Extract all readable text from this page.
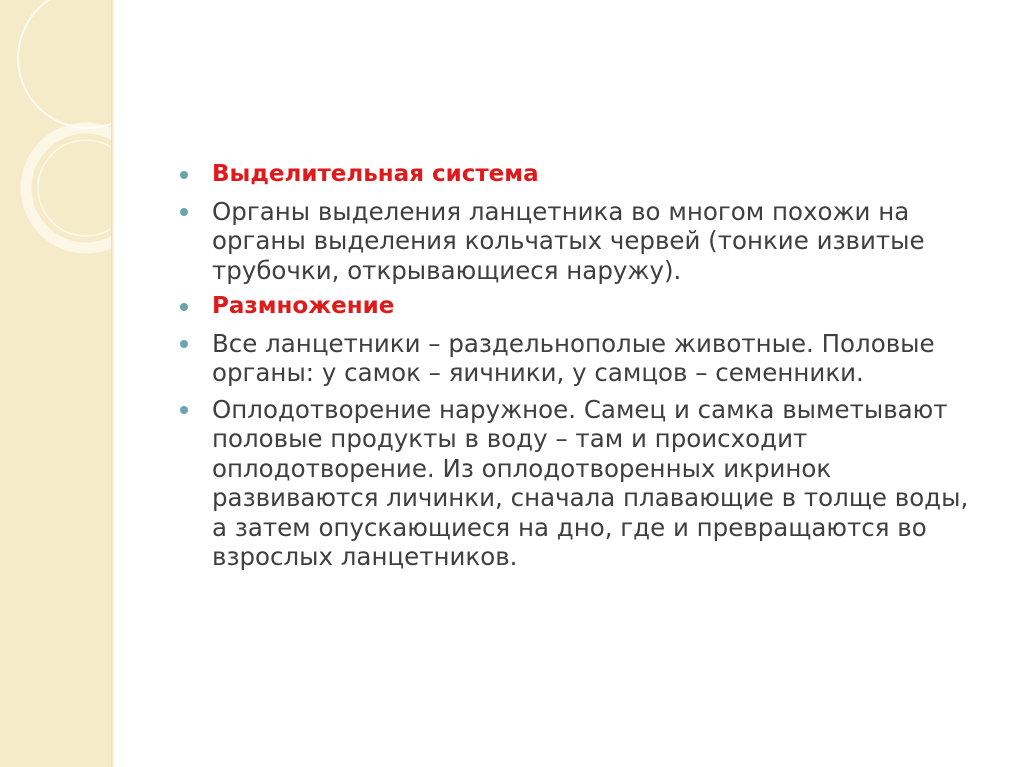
Выделительная система
Органы выделения ланцетника во многом похожи на органы выделения кольчатых червей (тонкие извитые трубочки, открывающиеся наружу).
Размножение
Все ланцетники – раздельнополые животные. Половые органы: у самок – яичники, у самцов – семенники.
Оплодотворение наружное. Самец и самка выметывают половые продукты в воду – там и происходит оплодотворение. Из оплодотворенных икринок развиваются личинки, сначала плавающие в толще воды, а затем опускающиеся на дно, где и превращаются во взрослых ланцетников.
